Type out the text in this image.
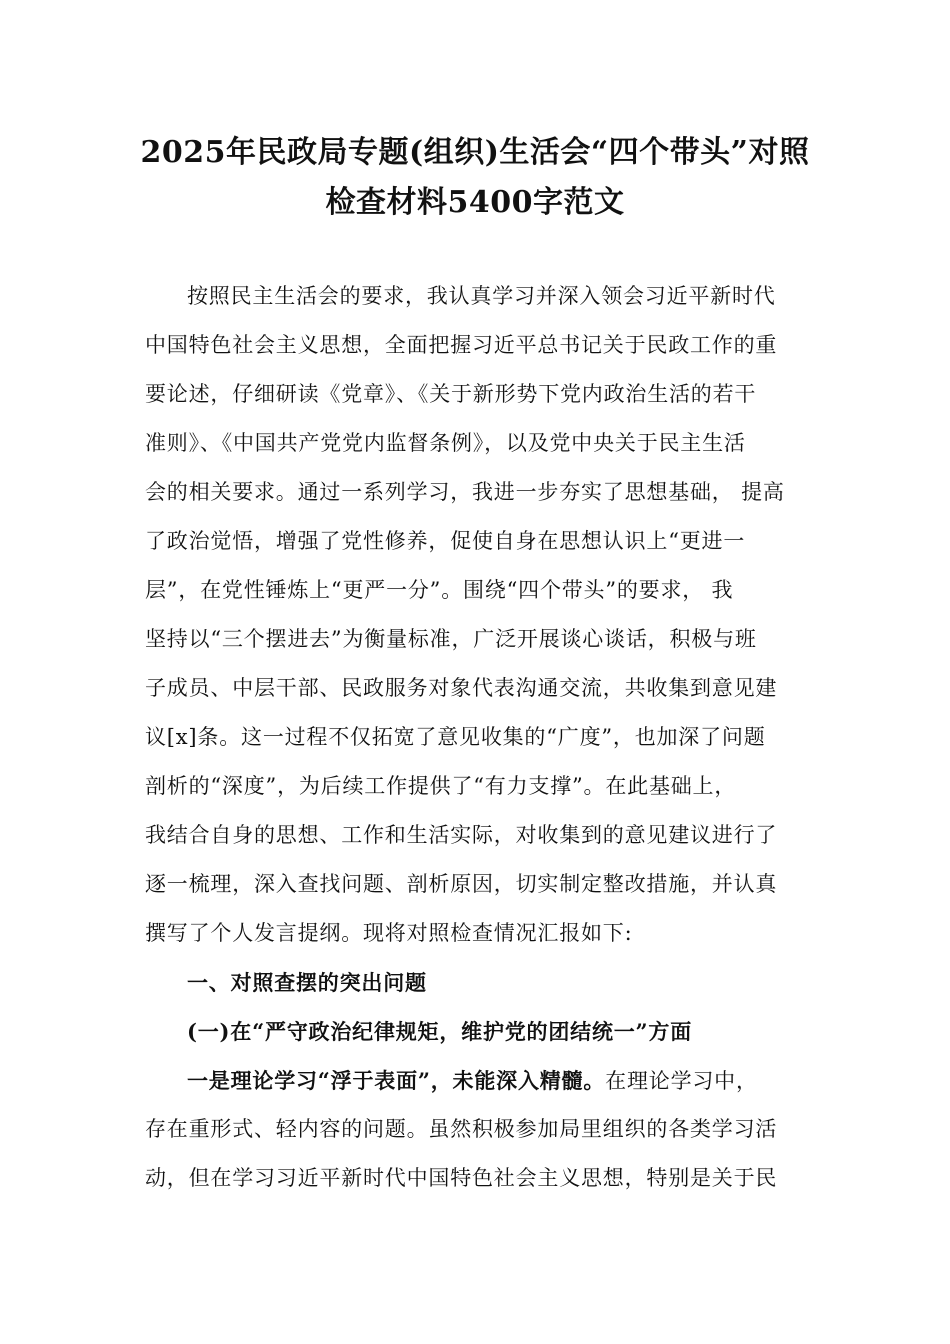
2025年民政局专题(组织)生活会“四个带头”对照
检查材料5400字范文
按照民主生活会的要求，我认真学习并深入领会习近平新时代
中国特色社会主义思想，全面把握习近平总书记关于民政工作的重
要论述，仔细研读《党章》、《关于新形势下党内政治生活的若干
准则》、《中国共产党党内监督条例》，以及党中央关于民主生活
会的相关要求。通过一系列学习，我进一步夯实了思想基础， 提高
了政治觉悟，增强了党性修养，促使自身在思想认识上“更进一
层”，在党性锤炼上“更严一分”。围绕“四个带头”的要求， 我
坚持以“三个摆进去”为衡量标准，广泛开展谈心谈话，积极与班
子成员、中层干部、民政服务对象代表沟通交流，共收集到意见建
议[x]条。这一过程不仅拓宽了意见收集的“广度”，也加深了问题
剖析的“深度”，为后续工作提供了“有力支撑”。在此基础上，
我结合自身的思想、工作和生活实际，对收集到的意见建议进行了
逐一梳理，深入查找问题、剖析原因，切实制定整改措施，并认真
撰写了个人发言提纲。现将对照检查情况汇报如下:
一、对照查摆的突出问题
(一)在“严守政治纪律规矩，维护党的团结统一”方面
一是理论学习“浮于表面”，未能深入精髓。在理论学习中，
存在重形式、轻内容的问题。虽然积极参加局里组织的各类学习活
动，但在学习习近平新时代中国特色社会主义思想，特别是关于民
